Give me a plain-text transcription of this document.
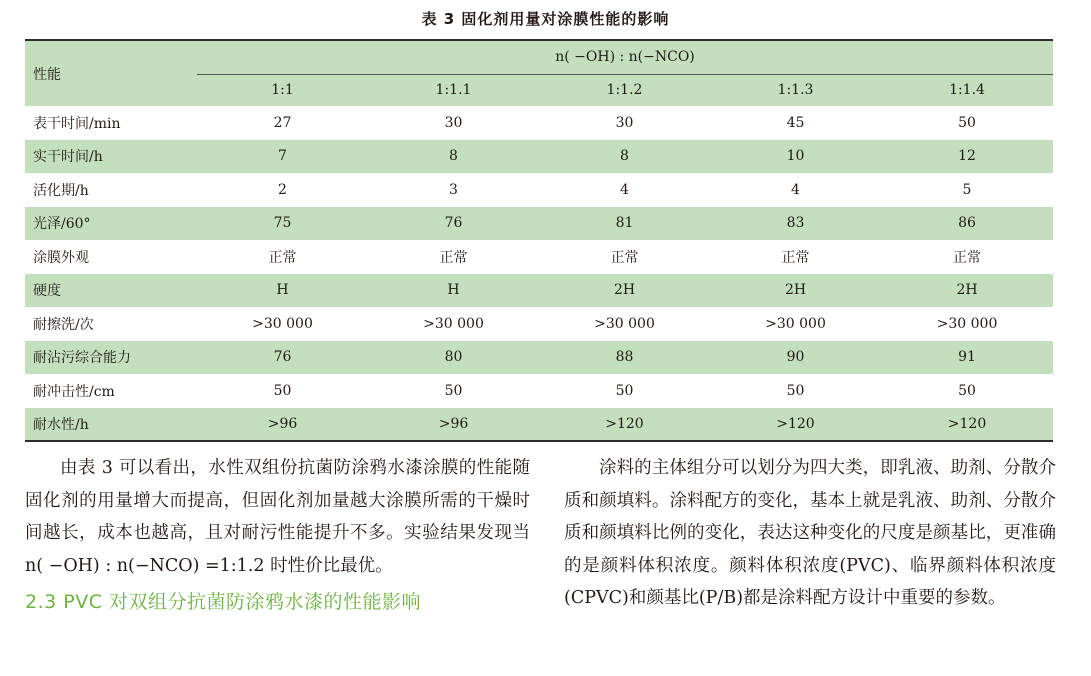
表 3 固化剂用量对涂膜性能的影响
性能	n( −OH) : n(−NCO)				
	1:1	1:1.1	1:1.2	1:1.3	1:1.4
表干时间/min	27	30	30	45	50
实干时间/h	7	8	8	10	12
活化期/h	2	3	4	4	5
光泽/60°	75	76	81	83	86
涂膜外观	正常	正常	正常	正常	正常
硬度	H	H	2H	2H	2H
耐擦洗/次	>30 000	>30 000	>30 000	>30 000	>30 000
耐沾污综合能力	76	80	88	90	91
耐冲击性/cm	50	50	50	50	50
耐水性/h	>96	>96	>120	>120	>120

由表 3 可以看出，水性双组份抗菌防涂鸦水漆涂膜的性能随固化剂的用量增大而提高，但固化剂加量越大涂膜所需的干燥时间越长，成本也越高，且对耐污性能提升不多。实验结果发现当 n( −OH) : n(−NCO) =1:1.2 时性价比最优。

2.3 PVC 对双组分抗菌防涂鸦水漆的性能影响

涂料的主体组分可以划分为四大类，即乳液、助剂、分散介质和颜填料。涂料配方的变化，基本上就是乳液、助剂、分散介质和颜填料比例的变化，表达这种变化的尺度是颜基比，更准确的是颜料体积浓度。颜料体积浓度(PVC)、临界颜料体积浓度(CPVC)和颜基比(P/B)都是涂料配方设计中重要的参数。
